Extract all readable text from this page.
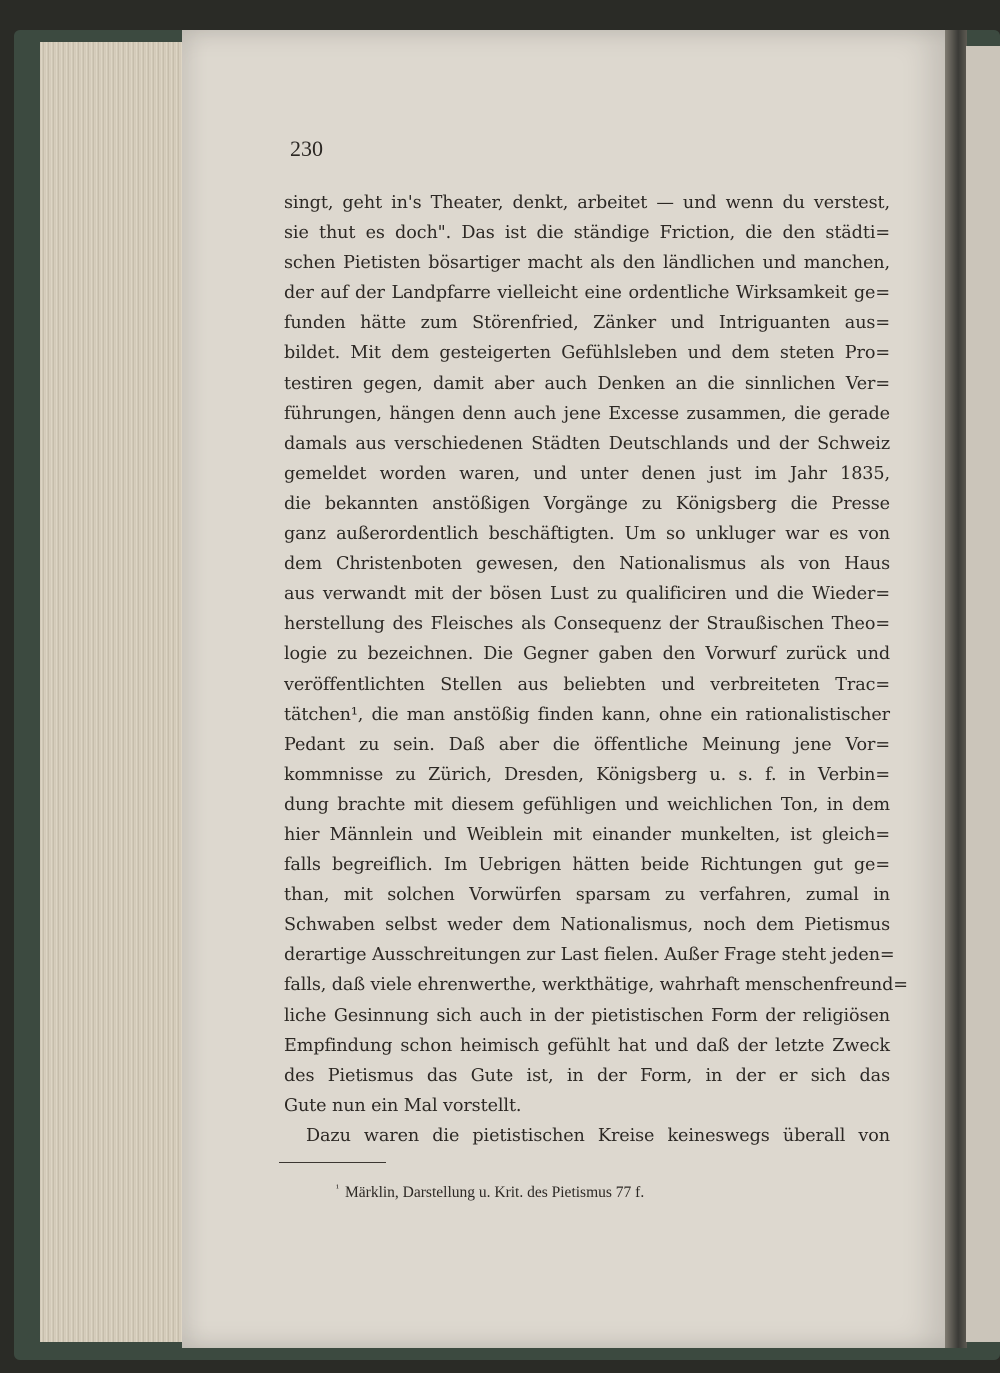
230
singt, geht in's Theater, denkt, arbeitet — und wenn du verstest,
sie thut es doch". Das ist die ständige Friction, die den städti=
schen Pietisten bösartiger macht als den ländlichen und manchen,
der auf der Landpfarre vielleicht eine ordentliche Wirksamkeit ge=
funden hätte zum Störenfried, Zänker und Intriguanten aus=
bildet. Mit dem gesteigerten Gefühlsleben und dem steten Pro=
testiren gegen, damit aber auch Denken an die sinnlichen Ver=
führungen, hängen denn auch jene Excesse zusammen, die gerade
damals aus verschiedenen Städten Deutschlands und der Schweiz
gemeldet worden waren, und unter denen just im Jahr 1835,
die bekannten anstößigen Vorgänge zu Königsberg die Presse
ganz außerordentlich beschäftigten. Um so unkluger war es von
dem Christenboten gewesen, den Nationalismus als von Haus
aus verwandt mit der bösen Lust zu qualificiren und die Wieder=
herstellung des Fleisches als Consequenz der Straußischen Theo=
logie zu bezeichnen. Die Gegner gaben den Vorwurf zurück und
veröffentlichten Stellen aus beliebten und verbreiteten Trac=
tätchen¹, die man anstößig finden kann, ohne ein rationalistischer
Pedant zu sein. Daß aber die öffentliche Meinung jene Vor=
kommnisse zu Zürich, Dresden, Königsberg u. s. f. in Verbin=
dung brachte mit diesem gefühligen und weichlichen Ton, in dem
hier Männlein und Weiblein mit einander munkelten, ist gleich=
falls begreiflich. Im Uebrigen hätten beide Richtungen gut ge=
than, mit solchen Vorwürfen sparsam zu verfahren, zumal in
Schwaben selbst weder dem Nationalismus, noch dem Pietismus
derartige Ausschreitungen zur Last fielen. Außer Frage steht jeden=
falls, daß viele ehrenwerthe, werkthätige, wahrhaft menschenfreund=
liche Gesinnung sich auch in der pietistischen Form der religiösen
Empfindung schon heimisch gefühlt hat und daß der letzte Zweck
des Pietismus das Gute ist, in der Form, in der er sich das
Gute nun ein Mal vorstellt.
Dazu waren die pietistischen Kreise keineswegs überall von
$^{^1}$ Märklin, Darstellung u. Krit. des Pietismus 77 f.
